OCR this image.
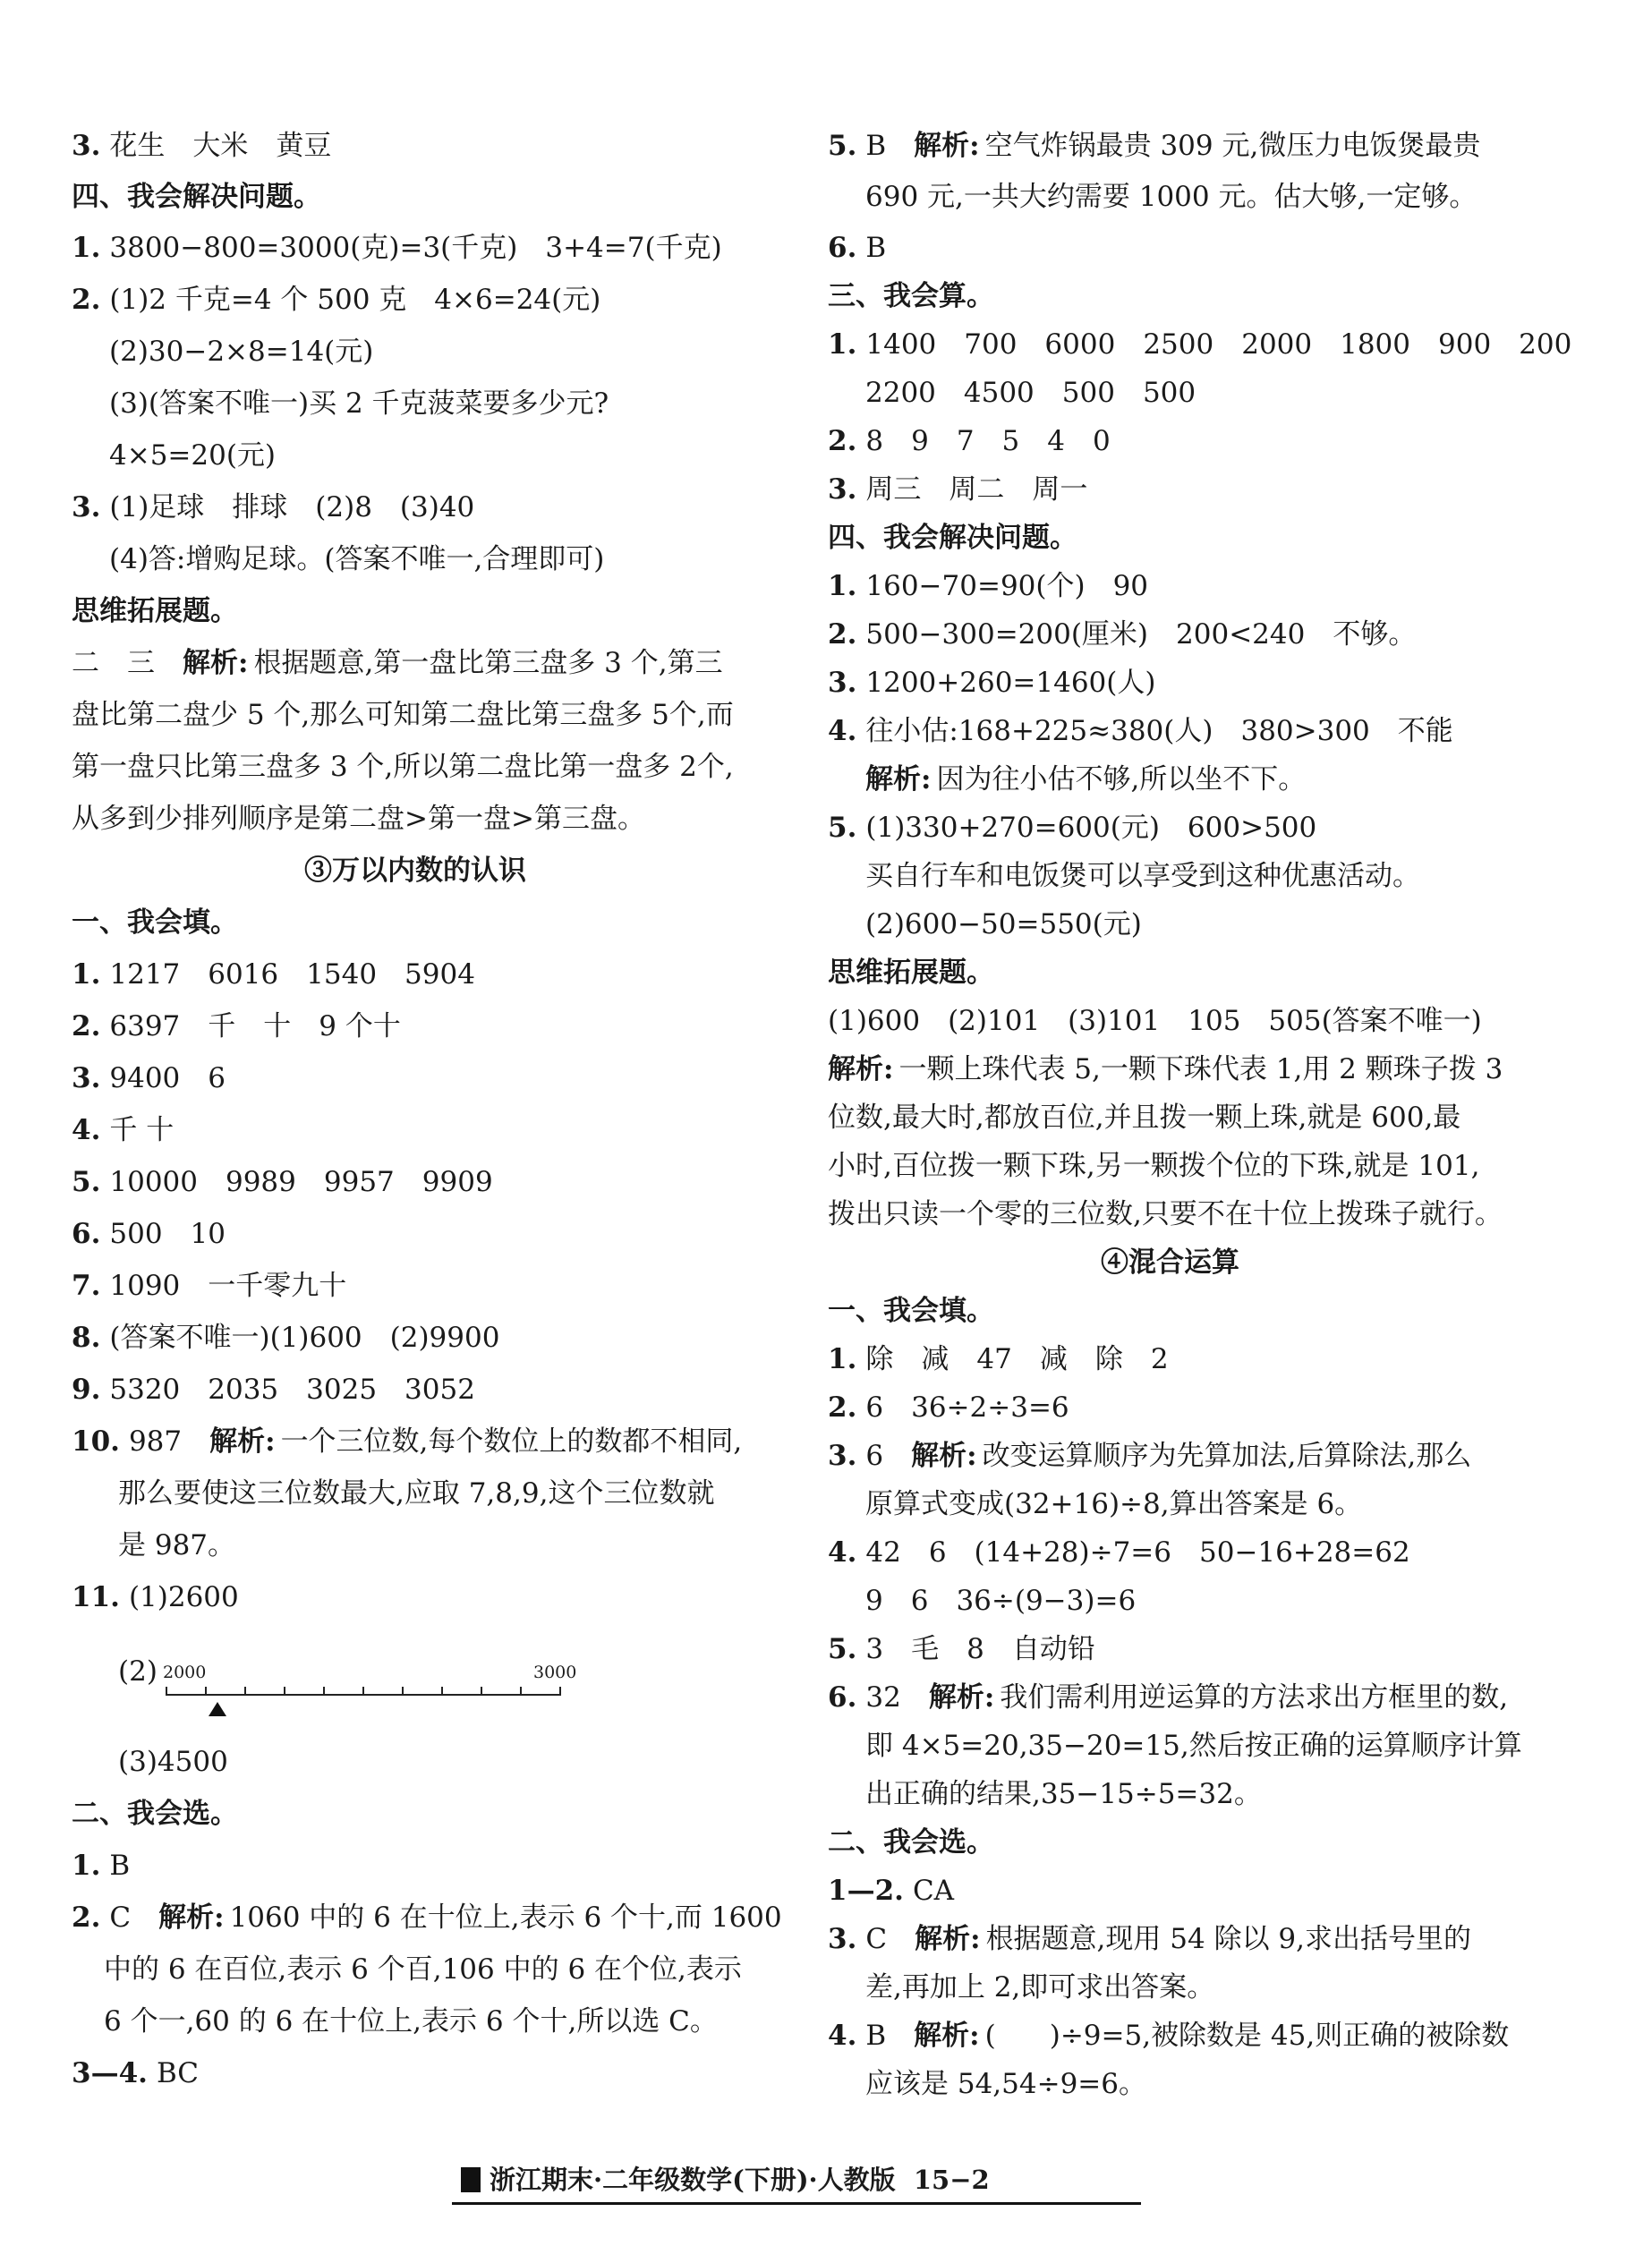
3. 花生　大米　黄豆
四、我会解决问题。
1. 3800−800=3000(克)=3(千克)　3+4=7(千克)
2. (1)2 千克=4 个 500 克　4×6=24(元)
(2)30−2×8=14(元)
(3)(答案不唯一)买 2 千克菠菜要多少元?
4×5=20(元)
3. (1)足球　排球　(2)8　(3)40
(4)答:增购足球。(答案不唯一,合理即可)
思维拓展题。
二　三　解析: 根据题意,第一盘比第三盘多 3 个,第三
盘比第二盘少 5 个,那么可知第二盘比第三盘多 5个,而
第一盘只比第三盘多 3 个,所以第二盘比第一盘多 2个,
从多到少排列顺序是第二盘>第一盘>第三盘。
③万以内数的认识
一、我会填。
1. 1217　6016　1540　5904
2. 6397　千　十　9 个十
3. 9400　6
4. 千 十
5. 10000　9989　9957　9909
6. 500　10
7. 1090　一千零九十
8. (答案不唯一)(1)600　(2)9900
9. 5320　2035　3025　3052
10. 987　解析: 一个三位数,每个数位上的数都不相同,
那么要使这三位数最大,应取 7,8,9,这个三位数就
是 987。
11. (1)2600
(2)
(3)4500
二、我会选。
1. B
2. C　解析: 1060 中的 6 在十位上,表示 6 个十,而 1600
中的 6 在百位,表示 6 个百,106 中的 6 在个位,表示
6 个一,60 的 6 在十位上,表示 6 个十,所以选 C。
3—4. BC
2000	3000
5. B　解析: 空气炸锅最贵 309 元,微压力电饭煲最贵
690 元,一共大约需要 1000 元。估大够,一定够。
6. B
三、我会算。
1. 1400　700　6000　2500　2000　1800　900　200
2200　4500　500　500
2. 8　9　7　5　4　0
3. 周三　周二　周一
四、我会解决问题。
1. 160−70=90(个)　90
2. 500−300=200(厘米)　200<240　不够。
3. 1200+260=1460(人)
4. 往小估:168+225≈380(人)　380>300　不能
解析: 因为往小估不够,所以坐不下。
5. (1)330+270=600(元)　600>500
买自行车和电饭煲可以享受到这种优惠活动。
(2)600−50=550(元)
思维拓展题。
(1)600　(2)101　(3)101　105　505(答案不唯一)
解析: 一颗上珠代表 5,一颗下珠代表 1,用 2 颗珠子拨 3
位数,最大时,都放百位,并且拨一颗上珠,就是 600,最
小时,百位拨一颗下珠,另一颗拨个位的下珠,就是 101,
拨出只读一个零的三位数,只要不在十位上拨珠子就行。
④混合运算
一、我会填。
1. 除　减　47　减　除　2
2. 6　36÷2÷3=6
3. 6　解析: 改变运算顺序为先算加法,后算除法,那么
原算式变成(32+16)÷8,算出答案是 6。
4. 42　6　(14+28)÷7=6　50−16+28=62
9　6　36÷(9−3)=6
5. 3　毛　8　自动铅
6. 32　解析: 我们需利用逆运算的方法求出方框里的数,
即 4×5=20,35−20=15,然后按正确的运算顺序计算
出正确的结果,35−15÷5=32。
二、我会选。
1—2. CA
3. C　解析: 根据题意,现用 54 除以 9,求出括号里的
差,再加上 2,即可求出答案。
4. B　解析: ( )÷9=5,被除数是 45,则正确的被除数
应该是 54,54÷9=6。
浙江期末·二年级数学(下册)·人教版 15−2
